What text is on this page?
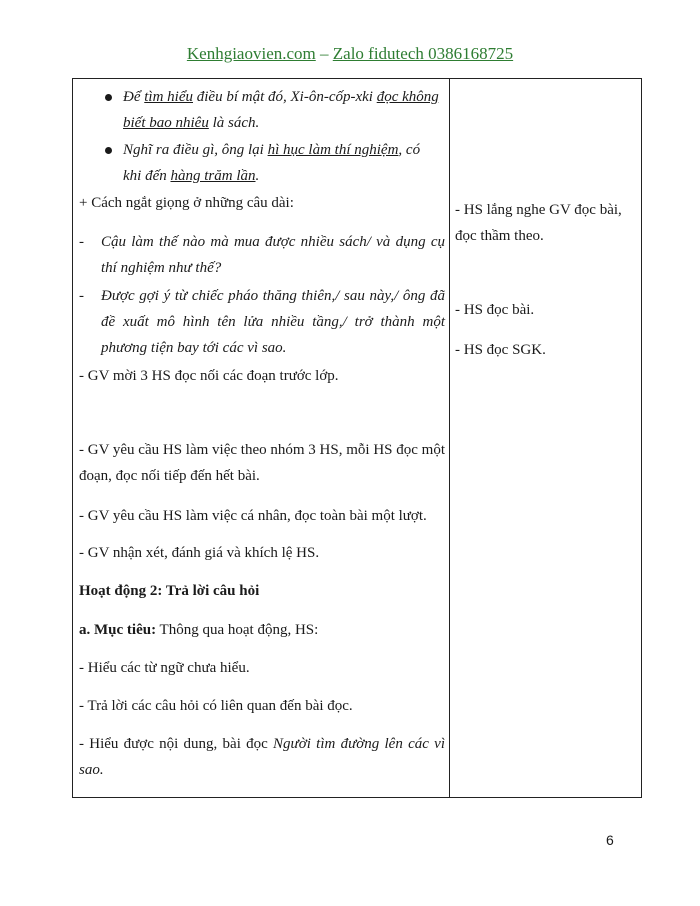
Kenhgiaovien.com – Zalo fidutech 0386168725
Để tìm hiểu điều bí mật đó, Xi-ôn-cốp-xki đọc không
biết bao nhiêu là sách.
Nghĩ ra điều gì, ông lại hì hục làm thí nghiệm, có
khi đến hàng trăm lần.
+ Cách ngắt giọng ở những câu dài:
-	Cậu làm thế nào mà mua được nhiều sách/ và dụng cụ thí nghiệm như thế?
-	Được gợi ý từ chiếc pháo thăng thiên,/ sau này,/ ông đã đề xuất mô hình tên lửa nhiều tầng,/ trở thành một phương tiện bay tới các vì sao.
- GV mời 3 HS đọc nối các đoạn trước lớp.
- GV yêu cầu HS làm việc theo nhóm 3 HS, mỗi HS đọc một đoạn, đọc nối tiếp đến hết bài.
- GV yêu cầu HS làm việc cá nhân, đọc toàn bài một lượt.
- GV nhận xét, đánh giá và khích lệ HS.
Hoạt động 2: Trả lời câu hỏi
a. Mục tiêu: Thông qua hoạt động, HS:
- Hiểu các từ ngữ chưa hiểu.
- Trả lời các câu hỏi có liên quan đến bài đọc.
- Hiểu được nội dung, bài đọc Người tìm đường lên các vì sao.
- HS lắng nghe GV đọc bài, đọc thầm theo.
- HS đọc bài.
- HS đọc SGK.
6
